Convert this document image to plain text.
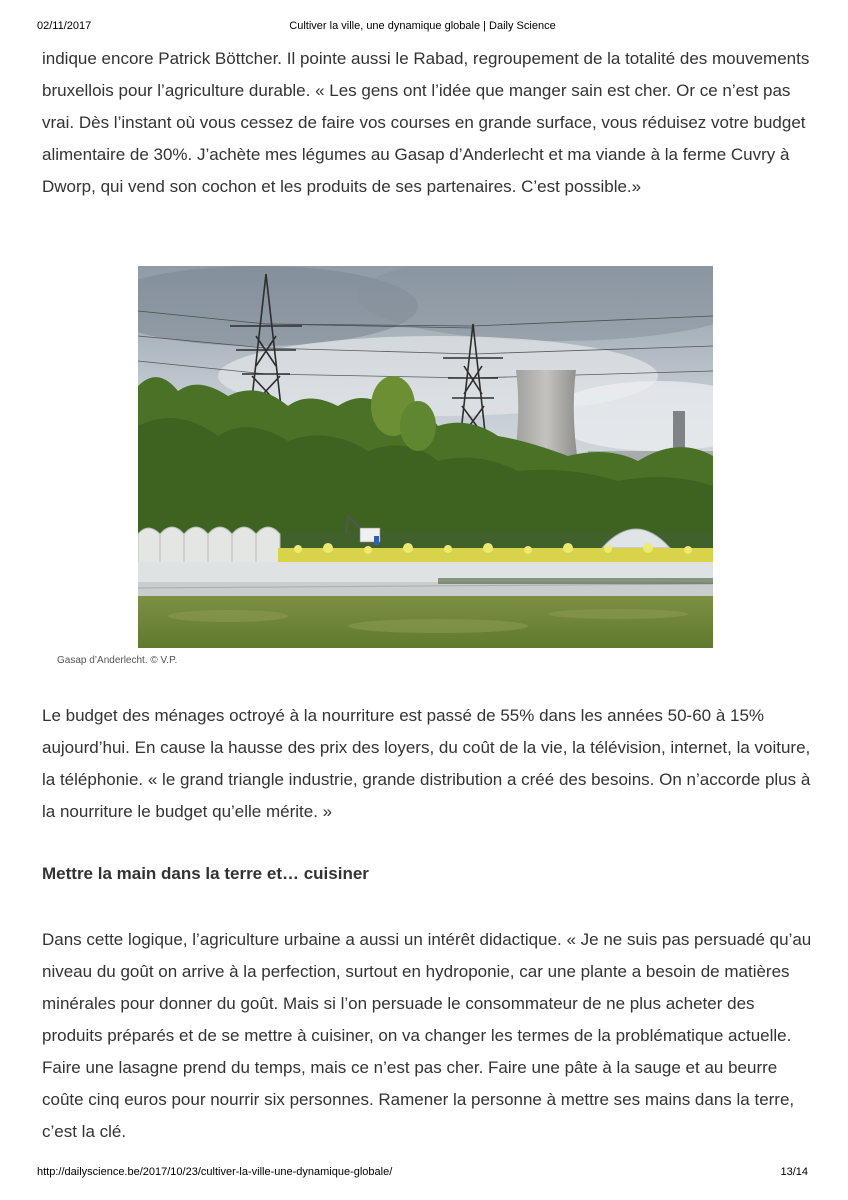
02/11/2017	Cultiver la ville, une dynamique globale | Daily Science

indique encore Patrick Böttcher. Il pointe aussi le Rabad, regroupement de la totalité des mouvements bruxellois pour l’agriculture durable. « Les gens ont l’idée que manger sain est cher. Or ce n’est pas vrai. Dès l’instant où vous cessez de faire vos courses en grande surface, vous réduisez votre budget alimentaire de 30%. J’achète mes légumes au Gasap d’Anderlecht et ma viande à la ferme Cuvry à Dworp, qui vend son cochon et les produits de ses partenaires. C’est possible.»

Gasap d’Anderlecht. © V.P.

Le budget des ménages octroyé à la nourriture est passé de 55% dans les années 50-60 à 15% aujourd’hui. En cause la hausse des prix des loyers, du coût de la vie, la télévision, internet, la voiture, la téléphonie. « le grand triangle industrie, grande distribution a créé des besoins. On n’accorde plus à la nourriture le budget qu’elle mérite. »

Mettre la main dans la terre et… cuisiner

Dans cette logique, l’agriculture urbaine a aussi un intérêt didactique. « Je ne suis pas persuadé qu’au niveau du goût on arrive à la perfection, surtout en hydroponie, car une plante a besoin de matières minérales pour donner du goût. Mais si l’on persuade le consommateur de ne plus acheter des produits préparés et de se mettre à cuisiner, on va changer les termes de la problématique actuelle. Faire une lasagne prend du temps, mais ce n’est pas cher. Faire une pâte à la sauge et au beurre coûte cinq euros pour nourrir six personnes. Ramener la personne à mettre ses mains dans la terre, c’est la clé.

http://dailyscience.be/2017/10/23/cultiver-la-ville-une-dynamique-globale/	13/14
